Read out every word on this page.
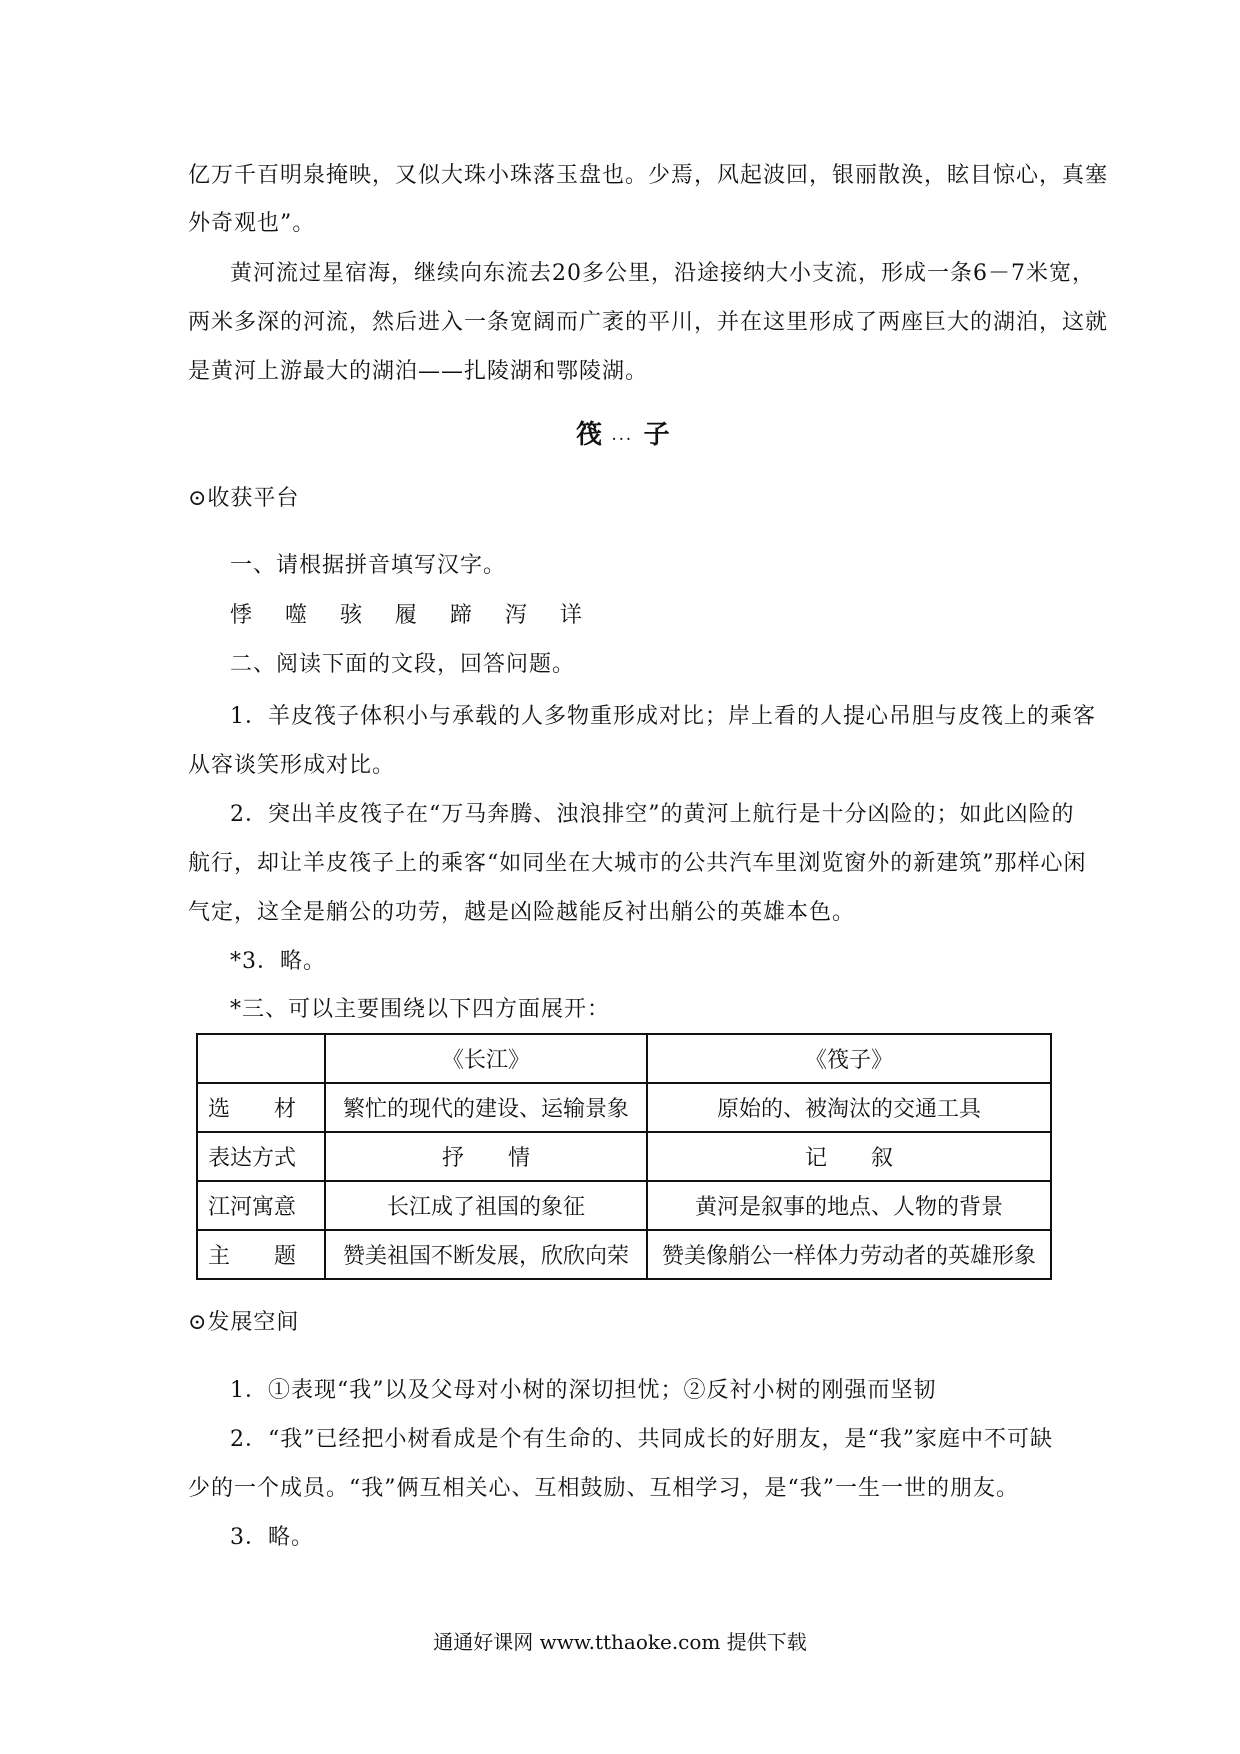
亿万千百明泉掩映，又似大珠小珠落玉盘也。少焉，风起波回，银丽散涣，眩目惊心，真塞
外奇观也”。
黄河流过星宿海，继续向东流去20多公里，沿途接纳大小支流，形成一条6－7米宽，
两米多深的河流，然后进入一条宽阔而广袤的平川，并在这里形成了两座巨大的湖泊，这就
是黄河上游最大的湖泊——扎陵湖和鄂陵湖。
筏 ... 子
⊙收获平台
一、请根据拼音填写汉字。
悸    噬    骇    履    蹄    泻    详
二、阅读下面的文段，回答问题。
1．羊皮筏子体积小与承载的人多物重形成对比；岸上看的人提心吊胆与皮筏上的乘客
从容谈笑形成对比。
2．突出羊皮筏子在“万马奔腾、浊浪排空”的黄河上航行是十分凶险的；如此凶险的
航行，却让羊皮筏子上的乘客“如同坐在大城市的公共汽车里浏览窗外的新建筑”那样心闲
气定，这全是艄公的功劳，越是凶险越能反衬出艄公的英雄本色。
*3．略。
*三、可以主要围绕以下四方面展开：
	《长江》	《筏子》
选　　材	繁忙的现代的建设、运输景象	原始的、被淘汰的交通工具
表达方式	抒　　情	记　　叙
江河寓意	长江成了祖国的象征	黄河是叙事的地点、人物的背景
主　　题	赞美祖国不断发展，欣欣向荣	赞美像艄公一样体力劳动者的英雄形象
⊙发展空间
1．①表现“我”以及父母对小树的深切担忧；②反衬小树的刚强而坚韧
2．“我”已经把小树看成是个有生命的、共同成长的好朋友，是“我”家庭中不可缺
少的一个成员。“我”俩互相关心、互相鼓励、互相学习，是“我”一生一世的朋友。
3．略。
通通好课网 www.tthaoke.com 提供下载
